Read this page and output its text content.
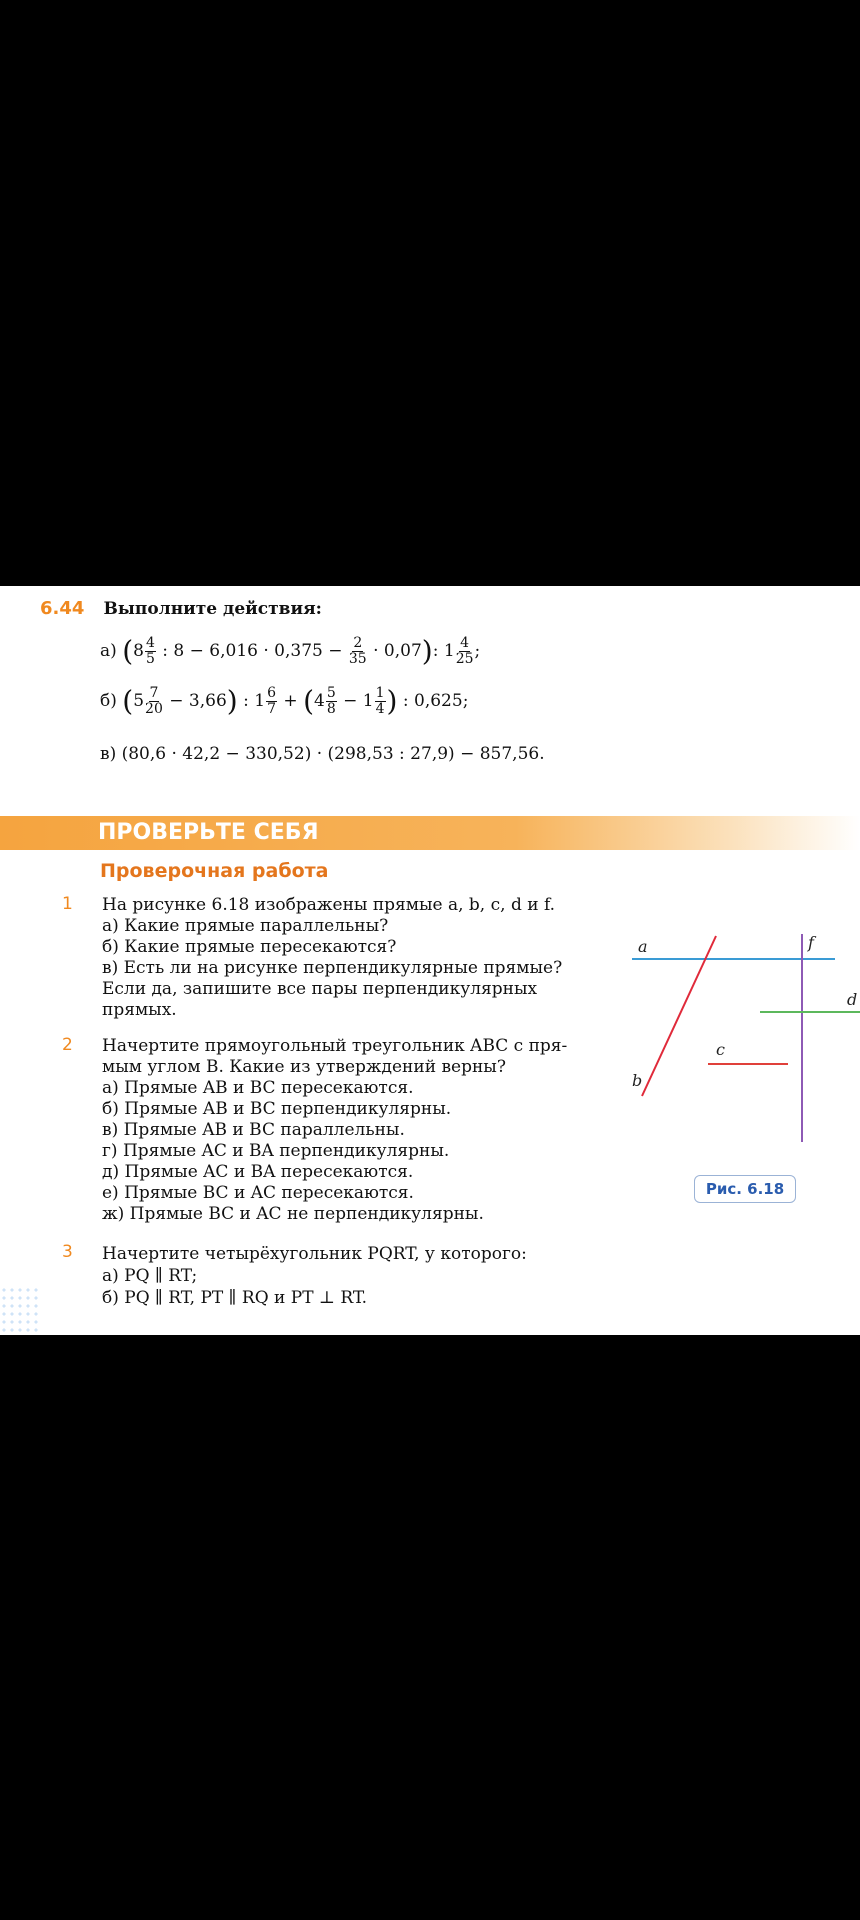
6.44 Выполните действия:
а) ($8 \frac{4}{5}$ : $8 - 6,016 \cdot 0,375 - \frac{2}{35} \cdot 0,07$): $1 \frac{4}{25}$ ;
б) $(5 \frac{7}{20} - 3,66)$ : $1 \frac{6}{7} + (4 \frac{5}{8} - 1 \frac{1}{4}$ ) : 0,625;
в) (80,6 · 42,2 − 330,52) · (298,53 : 27,9) − 857,56.
ПРОВЕРЬТЕ СЕБЯ
Проверочная работа
1 На рисунке 6.18 изображены прямые a, b, c, d и f.
а) Какие прямые параллельны?
б) Какие прямые пересекаются?
в) Есть ли на рисунке перпендикулярные прямые?
Если да, запишите все пары перпендикулярных
прямых.
2 Начертите прямоугольный треугольник ABC с пря-
мым углом B. Какие из утверждений верны?
а) Прямые AB и BC пересекаются.
б) Прямые AB и BC перпендикулярны.
в) Прямые AB и BC параллельны.
г) Прямые AC и BA перпендикулярны.
д) Прямые AC и BA пересекаются.
е) Прямые BC и AC пересекаются.
ж) Прямые BC и AC не перпендикулярны.
3 Начертите четырёхугольник PQRT, у которого:
а) PQ ∥ RT;
б) PQ ∥ RT, PT ∥ RQ и PT ⊥ RT.
a	f
d
b
c
Рис. 6.18
